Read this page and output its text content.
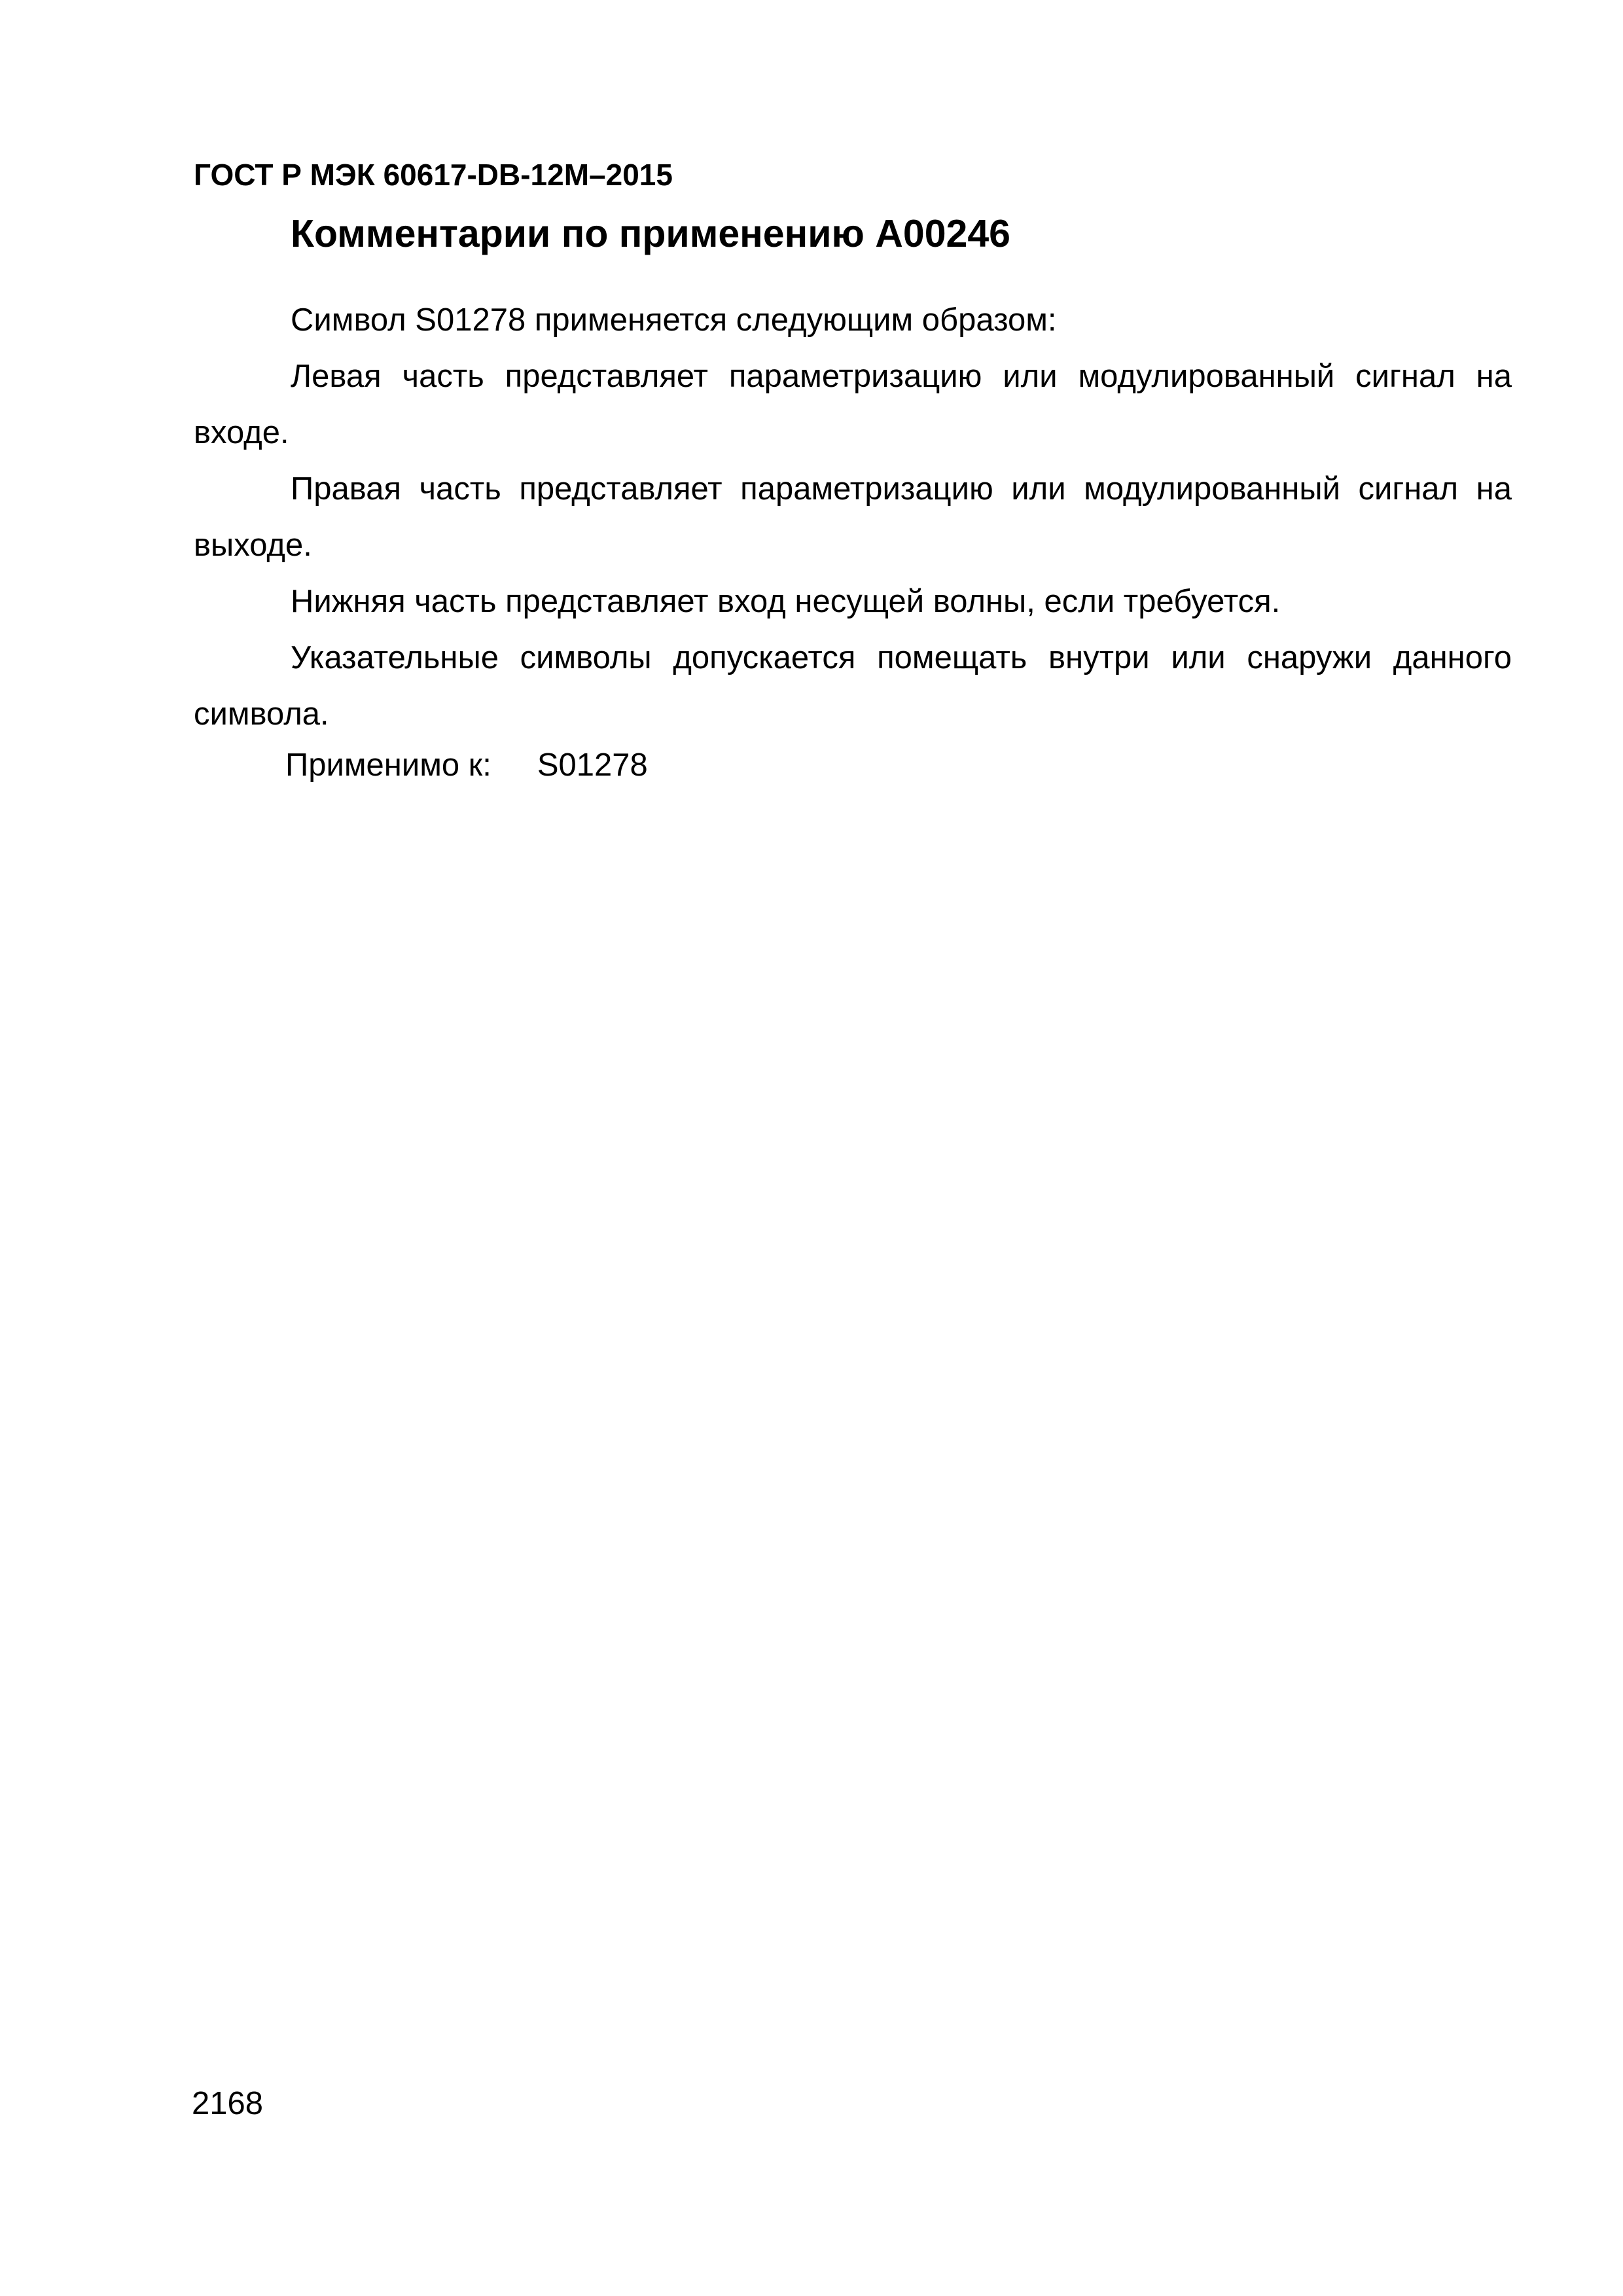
ГОСТ Р МЭК 60617-DB-12M–2015
Комментарии по применению А00246

Символ S01278 применяется следующим образом:

Левая часть представляет параметризацию или модулированный сигнал на входе.

Правая часть представляет параметризацию или модулированный сигнал на выходе.

Нижняя часть представляет вход несущей волны, если требуется.

Указательные символы допускается помещать внутри или снаружи данного символа.

Применимо к: S01278
2168
